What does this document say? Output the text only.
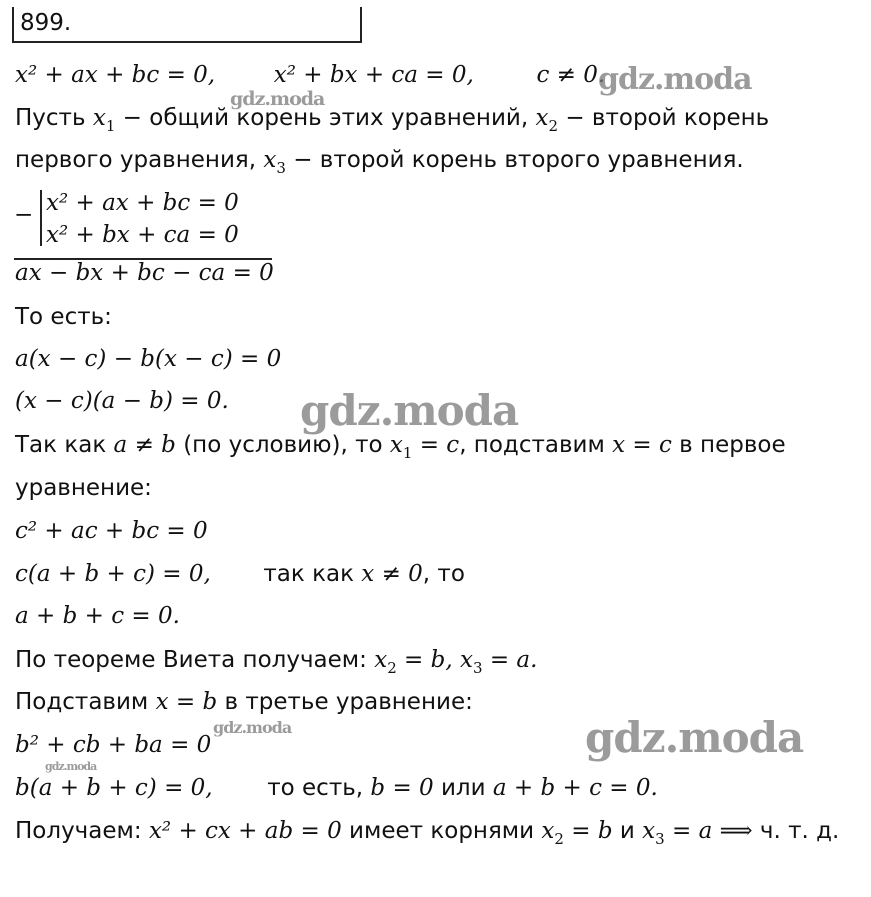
899.
x² + ax + bc = 0,	x² + bx + ca = 0,	c ≠ 0.
Пусть $x_1$ − общий корень этих уравнений, $x_2$ − второй корень
первого уравнения, $x_3$ − второй корень второго уравнения.
− x² + ax + bc = 0
x² + bx + ca = 0
ax − bx + bc − ca = 0
То есть:
a(x − c) − b(x − c) = 0
(x − c)(a − b) = 0.
Так как a ≠ b (по условию), то $x_1 = c$, подставим x = c в первое
уравнение:
c² + ac + bc = 0
c(a + b + c) = 0, так как x ≠ 0, то
a + b + c = 0.
По теореме Виета получаем: $x_2 = b$, $x_3 = a$.
Подставим x = b в третье уравнение:
b² + cb + ba = 0
b(a + b + c) = 0, то есть, b = 0 или a + b + c = 0.
Получаем: x² + cx + ab = 0 имеет корнями $x_2 = b$ и $x_3 = a$ ⟹ ч. т. д.
gdz.moda
gdz.moda
gdz.moda
gdz.moda
gdz.moda
gdz.moda
